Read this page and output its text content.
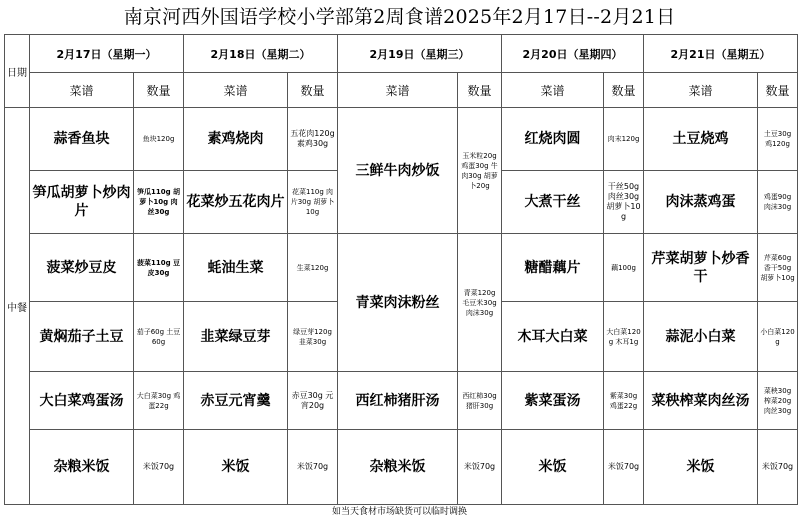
南京河西外国语学校小学部第2周食谱2025年2月17日--2月21日
日期	2月17日（星期一）		2月18日（星期二）		2月19日（星期三）		2月20日（星期四）		2月21日（星期五）	
	菜谱	数量	菜谱	数量	菜谱	数量	菜谱	数量	菜谱	数量
中餐	蒜香鱼块	鱼块120g	素鸡烧肉	五花肉120g 素鸡30g	三鲜牛肉炒饭	玉米粒20g 鸡蛋30g 牛肉30g 胡萝卜20g	红烧肉圆	肉末120g	土豆烧鸡	土豆30g 鸡120g
	笋瓜胡萝卜炒肉片	笋瓜110g 胡萝卜10g 肉丝30g	花菜炒五花肉片	花菜110g 肉片30g 胡萝卜10g			大煮干丝	干丝50g肉丝30g胡萝卜10g	肉沫蒸鸡蛋	鸡蛋90g 肉沫30g
	菠菜炒豆皮	菠菜110g 豆皮30g	蚝油生菜	生菜120g	青菜肉沫粉丝	青菜120g 毛豆米30g 肉沫30g	糖醋藕片	藕100g	芹菜胡萝卜炒香干	芹菜60g 香干50g 胡萝卜10g
	黄焖茄子土豆	茄子60g 土豆60g	韭菜绿豆芽	绿豆芽120g 韭菜30g			木耳大白菜	大白菜120g 木耳1g	蒜泥小白菜	小白菜120g
	大白菜鸡蛋汤	大白菜30g 鸡蛋22g	赤豆元宵羹	赤豆30g 元宵20g	西红柿猪肝汤	西红柿30g 猪肝30g	紫菜蛋汤	紫菜30g 鸡蛋22g	菜秧榨菜肉丝汤	菜秧30g 榨菜20g 肉丝30g
	杂粮米饭	米饭70g	米饭	米饭70g	杂粮米饭	米饭70g	米饭	米饭70g	米饭	米饭70g
如当天食材市场缺货可以临时调换
